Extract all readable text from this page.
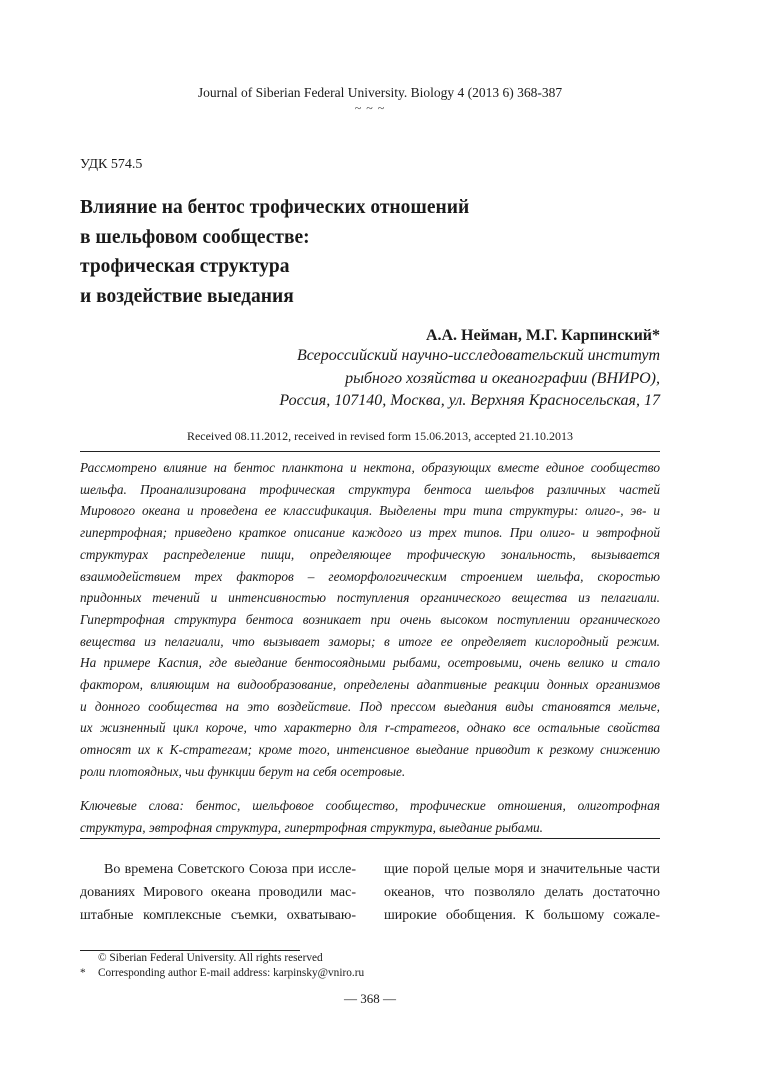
Journal of Siberian Federal University. Biology 4 (2013 6) 368-387
~ ~ ~
УДК 574.5
Влияние на бентос трофических отношений
в шельфовом сообществе:
трофическая структура
и воздействие выедания
А.А. Нейман, М.Г. Карпинский*
Всероссийский научно-исследовательский институт
рыбного хозяйства и океанографии (ВНИРО),
Россия, 107140, Москва, ул. Верхняя Красносельская, 17
Received 08.11.2012, received in revised form 15.06.2013, accepted 21.10.2013
Рассмотрено влияние на бентос планктона и нектона, образующих вместе единое сообщество
шельфа. Проанализирована трофическая структура бентоса шельфов различных частей
Мирового океана и проведена ее классификация. Выделены три типа структуры: олиго-, эв- и
гипертрофная; приведено краткое описание каждого из трех типов. При олиго- и эвтрофной
структурах распределение пищи, определяющее трофическую зональность, вызывается
взаимодействием трех факторов – геоморфологическим строением шельфа, скоростью
придонных течений и интенсивностью поступления органического вещества из пелагиали.
Гипертрофная структура бентоса возникает при очень высоком поступлении органического
вещества из пелагиали, что вызывает заморы; в итоге ее определяет кислородный режим.
На примере Каспия, где выедание бентосоядными рыбами, осетровыми, очень велико и стало
фактором, влияющим на видообразование, определены адаптивные реакции донных организмов
и донного сообщества на это воздействие. Под прессом выедания виды становятся мельче,
их жизненный цикл короче, что характерно для r-стратегов, однако все остальные свойства
относят их к К-стратегам; кроме того, интенсивное выедание приводит к резкому снижению
роли плотоядных, чьи функции берут на себя осетровые.
Ключевые слова: бентос, шельфовое сообщество, трофические отношения, олиготрофная
структура, эвтрофная структура, гипертрофная структура, выедание рыбами.
Во времена Советского Союза при иссле-
дованиях Мирового океана проводили мас-
штабные комплексные съемки, охватываю-
щие порой целые моря и значительные части
океанов, что позволяло делать достаточно
широкие обобщения. К большому сожале-
© Siberian Federal University. All rights reserved
* Corresponding author E-mail address: karpinsky@vniro.ru
— 368 —
